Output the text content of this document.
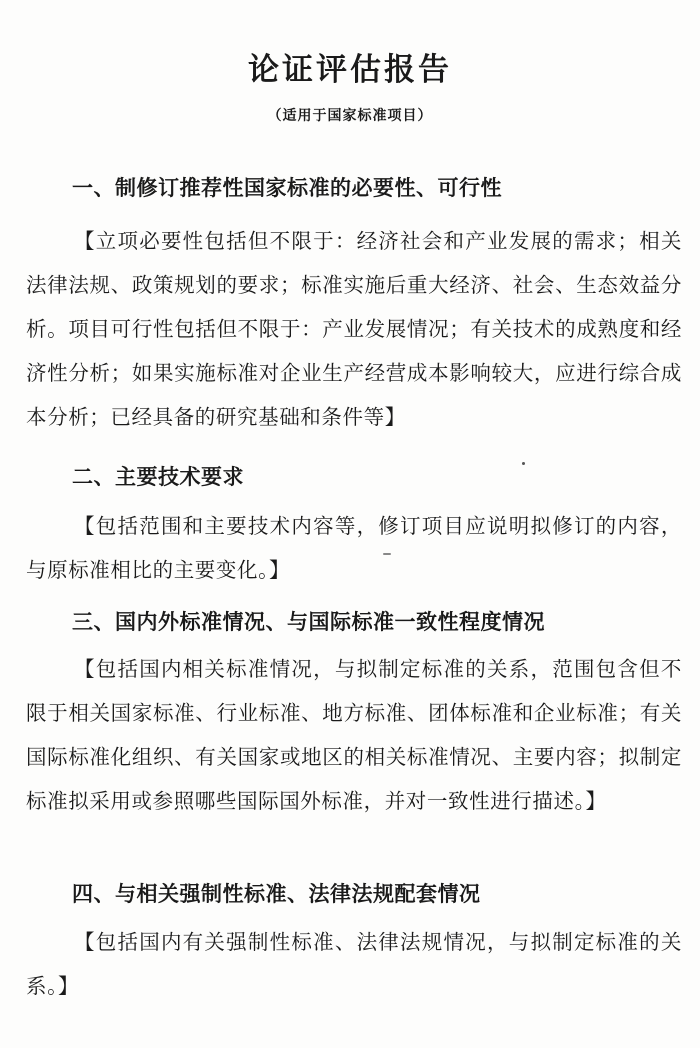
论证评估报告
（适用于国家标准项目）
一、制修订推荐性国家标准的必要性、可行性

【立项必要性包括但不限于：经济社会和产业发展的需求；相关法律法规、政策规划的要求；标准实施后重大经济、社会、生态效益分析。项目可行性包括但不限于：产业发展情况；有关技术的成熟度和经济性分析；如果实施标准对企业生产经营成本影响较大，应进行综合成本分析；已经具备的研究基础和条件等】

二、主要技术要求

【包括范围和主要技术内容等，修订项目应说明拟修订的内容，与原标准相比的主要变化。】

三、国内外标准情况、与国际标准一致性程度情况

【包括国内相关标准情况，与拟制定标准的关系，范围包含但不限于相关国家标准、行业标准、地方标准、团体标准和企业标准；有关国际标准化组织、有关国家或地区的相关标准情况、主要内容；拟制定标准拟采用或参照哪些国际国外标准，并对一致性进行描述。】

四、与相关强制性标准、法律法规配套情况

【包括国内有关强制性标准、法律法规情况，与拟制定标准的关系。】
